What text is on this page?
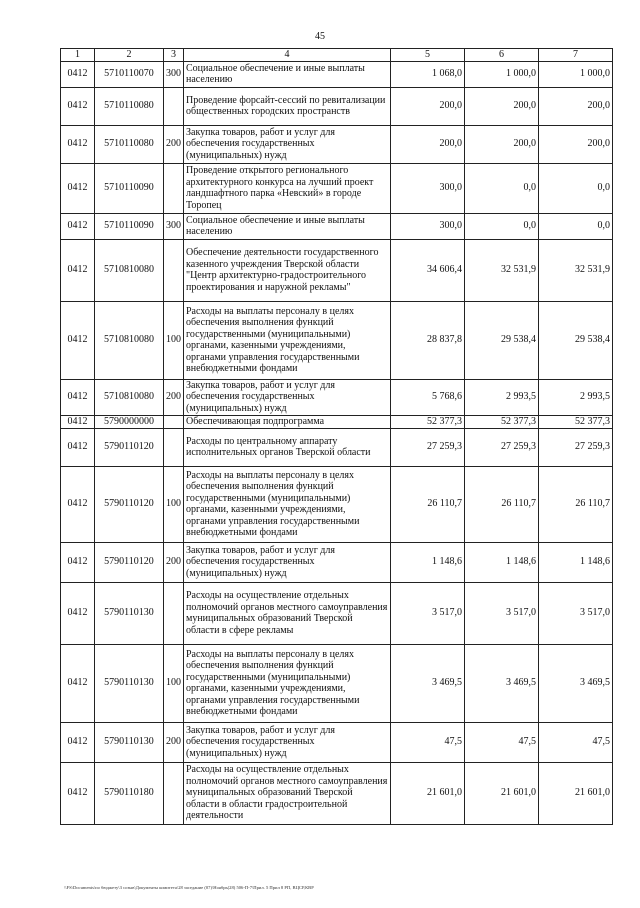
45
1	2	3	4	5	6	7
0412	5710110070	300	Социальное обеспечение и иные выплаты населению	1 068,0	1 000,0	1 000,0
0412	5710110080		Проведение форсайт-сессий по ревитализации общественных городских пространств	200,0	200,0	200,0
0412	5710110080	200	Закупка товаров, работ и услуг для обеспечения государственных (муниципальных) нужд	200,0	200,0	200,0
0412	5710110090		Проведение открытого регионального архитектурного конкурса на лучший проект ландшафтного парка «Невский» в городе Торопец	300,0	0,0	0,0
0412	5710110090	300	Социальное обеспечение и иные выплаты населению	300,0	0,0	0,0
0412	5710810080		Обеспечение деятельности государственного казенного учреждения Тверской области "Центр архитектурно-градостроительного проектирования и наружной рекламы"	34 606,4	32 531,9	32 531,9
0412	5710810080	100	Расходы на выплаты персоналу в целях обеспечения выполнения функций государственными (муниципальными) органами, казенными учреждениями, органами управления государственными внебюджетными фондами	28 837,8	29 538,4	29 538,4
0412	5710810080	200	Закупка товаров, работ и услуг для обеспечения государственных (муниципальных) нужд	5 768,6	2 993,5	2 993,5
0412	5790000000		Обеспечивающая подпрограмма	52 377,3	52 377,3	52 377,3
0412	5790110120		Расходы по центральному аппарату исполнительных органов Тверской области	27 259,3	27 259,3	27 259,3
0412	5790110120	100	Расходы на выплаты персоналу в целях обеспечения выполнения функций государственными (муниципальными) органами, казенными учреждениями, органами управления государственными внебюджетными фондами	26 110,7	26 110,7	26 110,7
0412	5790110120	200	Закупка товаров, работ и услуг для обеспечения государственных (муниципальных) нужд	1 148,6	1 148,6	1 148,6
0412	5790110130		Расходы на осуществление отдельных полномочий органов местного самоуправления муниципальных образований Тверской области в сфере рекламы	3 517,0	3 517,0	3 517,0
0412	5790110130	100	Расходы на выплаты персоналу в целях обеспечения выполнения функций государственными (муниципальными) органами, казенными учреждениями, органами управления государственными внебюджетными фондами	3 469,5	3 469,5	3 469,5
0412	5790110130	200	Закупка товаров, работ и услуг для обеспечения государственных (муниципальных) нужд	47,5	47,5	47,5
0412	5790110180		Расходы на осуществление отдельных полномочий органов местного самоуправления муниципальных образований Тверской области в области градостроительной деятельности	21 601,0	21 601,0	21 601,0
\\FS\Documents\по бюджету\3 созыв\Документы комитета\28 заседание (07)\Ноябрь(28) 506-П-7\Прил. 5 Прил 8 РП, ВЦСР,КВР
